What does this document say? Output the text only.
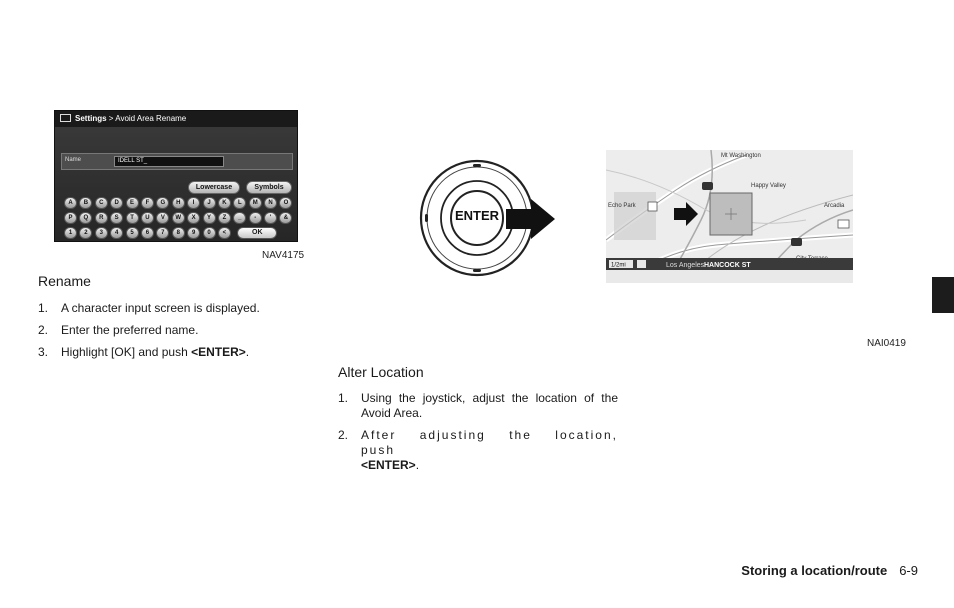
Settings > Avoid Area Rename
Name	IDELL ST_
Lowercase	Symbols
A	B	C	D	E	F	G	H	I	J	K	L	M	N	O
P	Q	R	S	T	U	V	W	X	Y	Z	_	-	'	&
1	2	3	4	5	6	7	8	9	0	<	OK
NAV4175
Rename
1. A character input screen is displayed.
2. Enter the preferred name.
3. Highlight [OK] and push <ENTER>.
ENTER
Mt Washington
Happy Valley
Echo Park	Arcadia
1/2mi	Los Angeles HANCOCK ST
NAI0419
Alter Location
1. Using the joystick, adjust the location of the
Avoid Area.
2. After adjusting the location, push
<ENTER>.
Storing a location/route 6-9
